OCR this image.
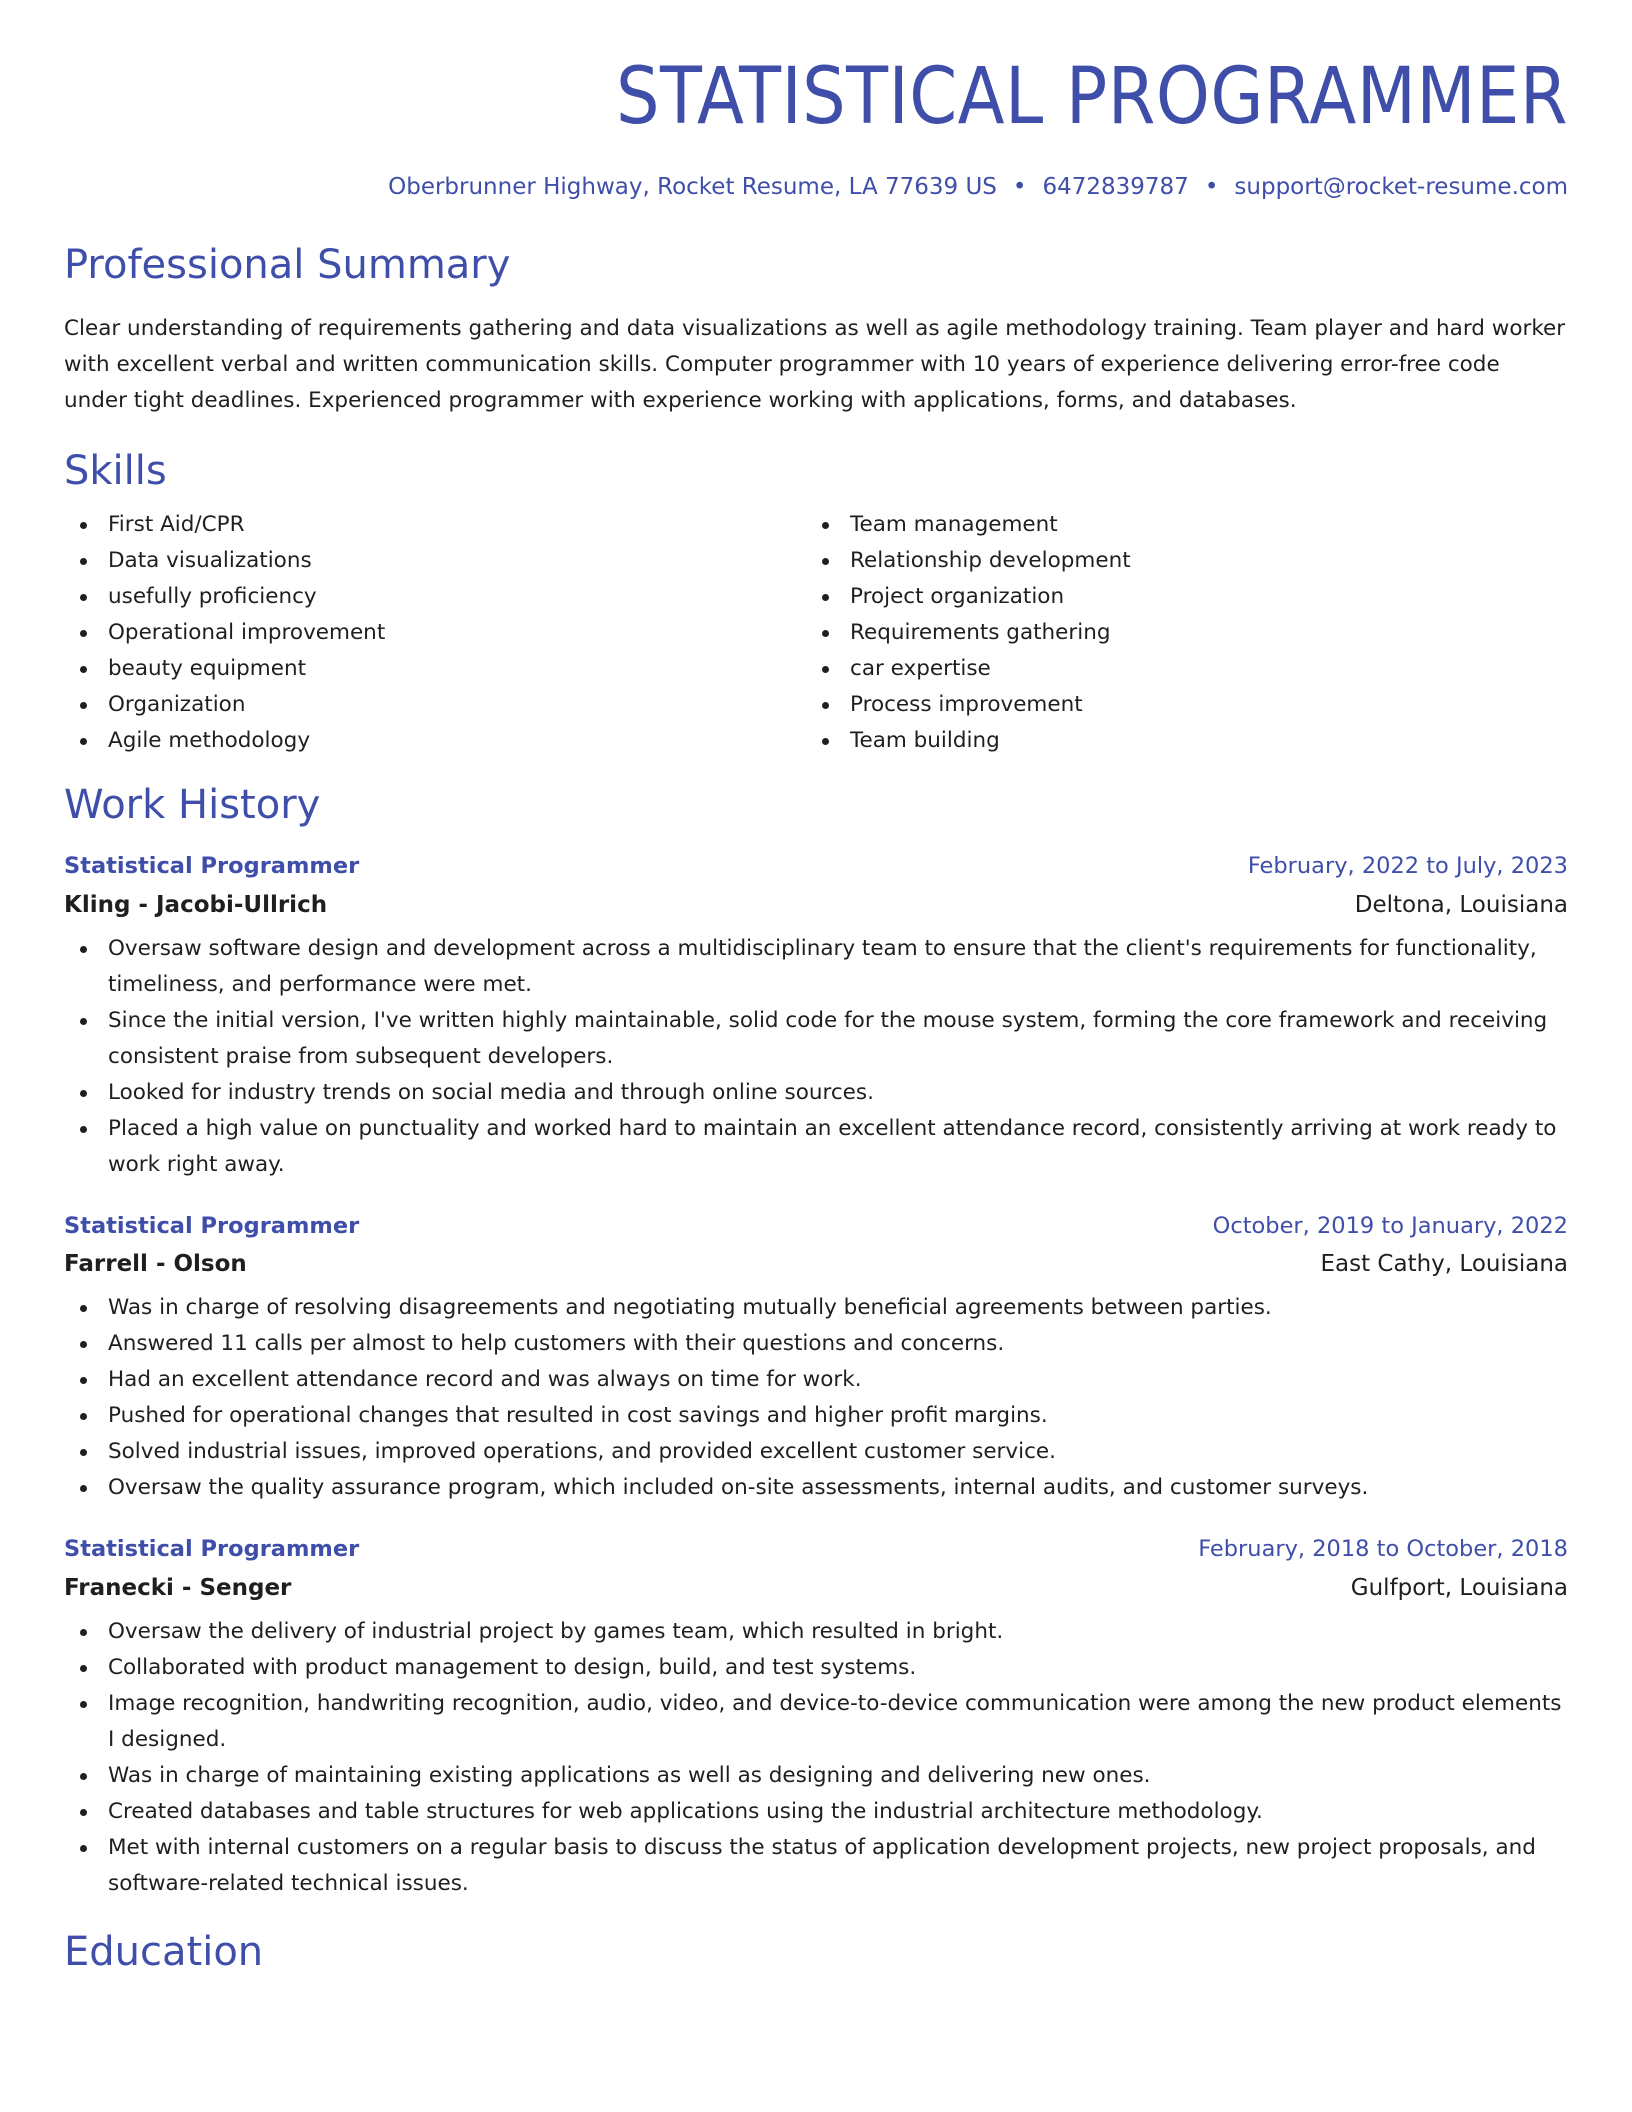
STATISTICAL PROGRAMMER
Oberbrunner Highway, Rocket Resume, LA 77639 US • 6472839787 • support@rocket-resume.com
Professional Summary

Clear understanding of requirements gathering and data visualizations as well as agile methodology training. Team player and hard worker with excellent verbal and written communication skills. Computer programmer with 10 years of experience delivering error-free code under tight deadlines. Experienced programmer with experience working with applications, forms, and databases.

Skills
First Aid/CPR
Data visualizations
usefully proficiency
Operational improvement
beauty equipment
Organization
Agile methodology
Team management
Relationship development
Project organization
Requirements gathering
car expertise
Process improvement
Team building
Work History
Statistical Programmer	February, 2022 to July, 2023
Kling - Jacobi-Ullrich	Deltona, Louisiana
Oversaw software design and development across a multidisciplinary team to ensure that the client's requirements for functionality, timeliness, and performance were met.
Since the initial version, I've written highly maintainable, solid code for the mouse system, forming the core framework and receiving consistent praise from subsequent developers.
Looked for industry trends on social media and through online sources.
Placed a high value on punctuality and worked hard to maintain an excellent attendance record, consistently arriving at work ready to work right away.
Statistical Programmer	October, 2019 to January, 2022
Farrell - Olson	East Cathy, Louisiana
Was in charge of resolving disagreements and negotiating mutually beneficial agreements between parties.
Answered 11 calls per almost to help customers with their questions and concerns.
Had an excellent attendance record and was always on time for work.
Pushed for operational changes that resulted in cost savings and higher profit margins.
Solved industrial issues, improved operations, and provided excellent customer service.
Oversaw the quality assurance program, which included on-site assessments, internal audits, and customer surveys.
Statistical Programmer	February, 2018 to October, 2018
Franecki - Senger	Gulfport, Louisiana
Oversaw the delivery of industrial project by games team, which resulted in bright.
Collaborated with product management to design, build, and test systems.
Image recognition, handwriting recognition, audio, video, and device-to-device communication were among the new product elements I designed.
Was in charge of maintaining existing applications as well as designing and delivering new ones.
Created databases and table structures for web applications using the industrial architecture methodology.
Met with internal customers on a regular basis to discuss the status of application development projects, new project proposals, and software-related technical issues.
Education
